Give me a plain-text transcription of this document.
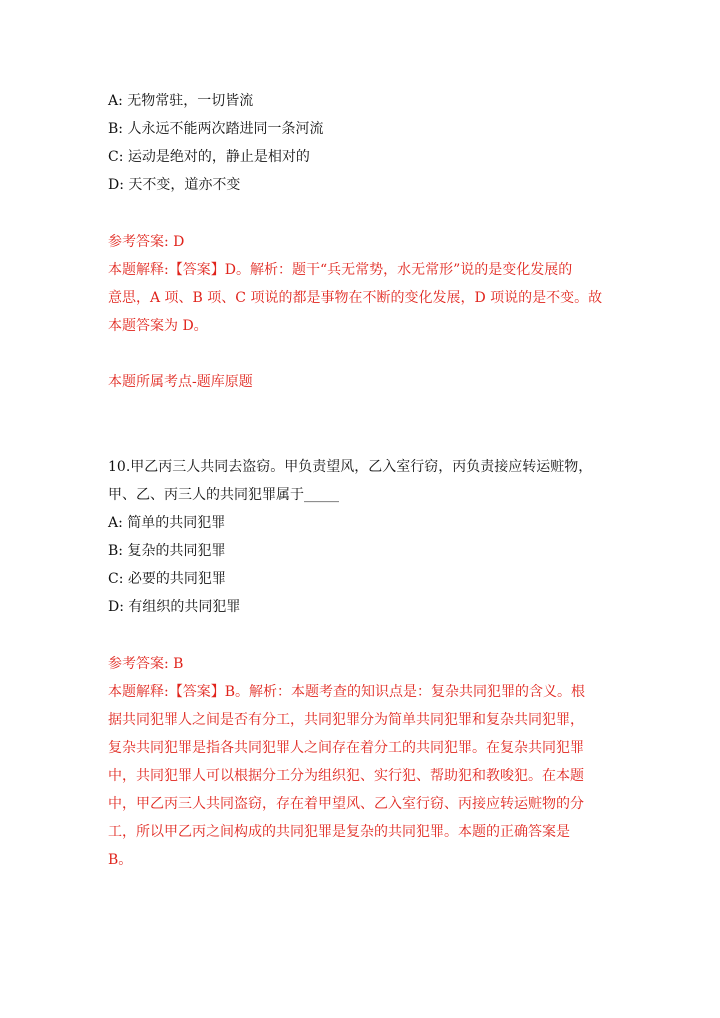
A: 无物常驻，一切皆流
B: 人永远不能两次踏进同一条河流
C: 运动是绝对的，静止是相对的
D: 天不变，道亦不变
参考答案: D
本题解释:【答案】D。解析：题干“兵无常势，水无常形”说的是变化发展的
意思，A 项、B 项、C 项说的都是事物在不断的变化发展，D 项说的是不变。故
本题答案为 D。
本题所属考点-题库原题
10.甲乙丙三人共同去盗窃。甲负责望风，乙入室行窃，丙负责接应转运赃物，
甲、乙、丙三人的共同犯罪属于_____
A: 简单的共同犯罪
B: 复杂的共同犯罪
C: 必要的共同犯罪
D: 有组织的共同犯罪
参考答案: B
本题解释:【答案】B。解析：本题考查的知识点是：复杂共同犯罪的含义。根
据共同犯罪人之间是否有分工，共同犯罪分为简单共同犯罪和复杂共同犯罪，
复杂共同犯罪是指各共同犯罪人之间存在着分工的共同犯罪。在复杂共同犯罪
中，共同犯罪人可以根据分工分为组织犯、实行犯、帮助犯和教唆犯。在本题
中，甲乙丙三人共同盗窃，存在着甲望风、乙入室行窃、丙接应转运赃物的分
工，所以甲乙丙之间构成的共同犯罪是复杂的共同犯罪。本题的正确答案是
B。
